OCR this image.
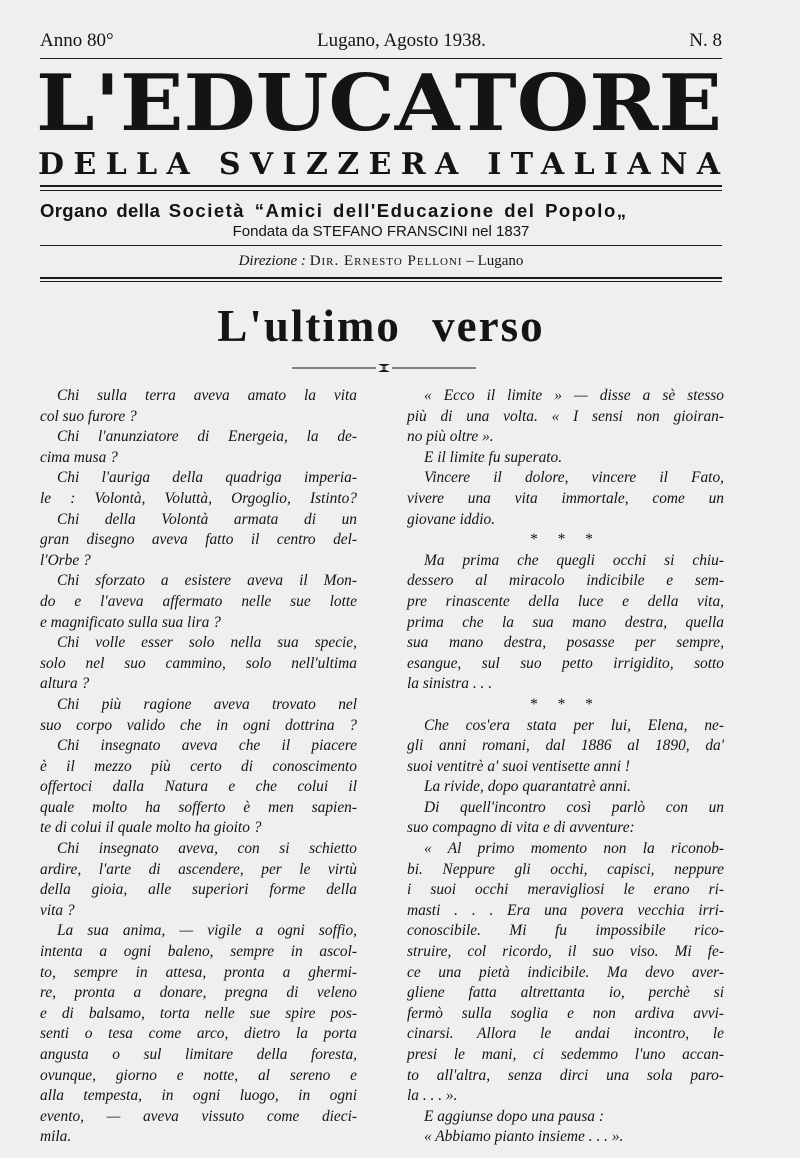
Anno 80°	Lugano, Agosto 1938.	N. 8
L'EDUCATORE
DELLA SVIZZERA ITALIANA
Organo della Società “Amici dell'Educazione del Popolo„
Fondata da STEFANO FRANSCINI nel 1837
Direzione : Dir. Ernesto Pelloni – Lugano
L'ultimo verso
Chi sulla terra aveva amato la vita
col suo furore ?
Chi l'anunziatore di Energeia, la de-
cima musa ?
Chi l'auriga della quadriga imperia-
le : Volontà, Voluttà, Orgoglio, Istinto?
Chi della Volontà armata di un
gran disegno aveva fatto il centro del-
l'Orbe ?
Chi sforzato a esistere aveva il Mon-
do e l'aveva affermato nelle sue lotte
e magnificato sulla sua lira ?
Chi volle esser solo nella sua specie,
solo nel suo cammino, solo nell'ultima
altura ?
Chi più ragione aveva trovato nel
suo corpo valido che in ogni dottrina ?
Chi insegnato aveva che il piacere
è il mezzo più certo di conoscimento
offertoci dalla Natura e che colui il
quale molto ha sofferto è men sapien-
te di colui il quale molto ha gioito ?
Chi insegnato aveva, con si schietto
ardire, l'arte di ascendere, per le virtù
della gioia, alle superiori forme della
vita ?
La sua anima, — vigile a ogni soffio,
intenta a ogni baleno, sempre in ascol-
to, sempre in attesa, pronta a ghermi-
re, pronta a donare, pregna di veleno
e di balsamo, torta nelle sue spire pos-
senti o tesa come arco, dietro la porta
angusta o sul limitare della foresta,
ovunque, giorno e notte, al sereno e
alla tempesta, in ogni luogo, in ogni
evento, — aveva vissuto come dieci-
mila.
« Ecco il limite » — disse a sè stesso
più di una volta. « I sensi non gioiran-
no più oltre ».
E il limite fu superato.
Vincere il dolore, vincere il Fato,
vivere una vita immortale, come un
giovane iddio.
* * *
Ma prima che quegli occhi si chiu-
dessero al miracolo indicibile e sem-
pre rinascente della luce e della vita,
prima che la sua mano destra, quella
sua mano destra, posasse per sempre,
esangue, sul suo petto irrigidito, sotto
la sinistra . . .
* * *
Che cos'era stata per lui, Elena, ne-
gli anni romani, dal 1886 al 1890, da'
suoi ventitrè a' suoi ventisette anni !
La rivide, dopo quarantatrè anni.
Di quell'incontro così parlò con un
suo compagno di vita e di avventure:
« Al primo momento non la riconob-
bi. Neppure gli occhi, capisci, neppure
i suoi occhi meravigliosi le erano ri-
masti . . . Era una povera vecchia irri-
conoscibile. Mi fu impossibile rico-
struire, col ricordo, il suo viso. Mi fe-
ce una pietà indicibile. Ma devo aver-
gliene fatta altrettanta io, perchè si
fermò sulla soglia e non ardiva avvi-
cinarsi. Allora le andai incontro, le
presi le mani, ci sedemmo l'uno accan-
to all'altra, senza dirci una sola paro-
la . . . ».
E aggiunse dopo una pausa :
« Abbiamo pianto insieme . . . ».
